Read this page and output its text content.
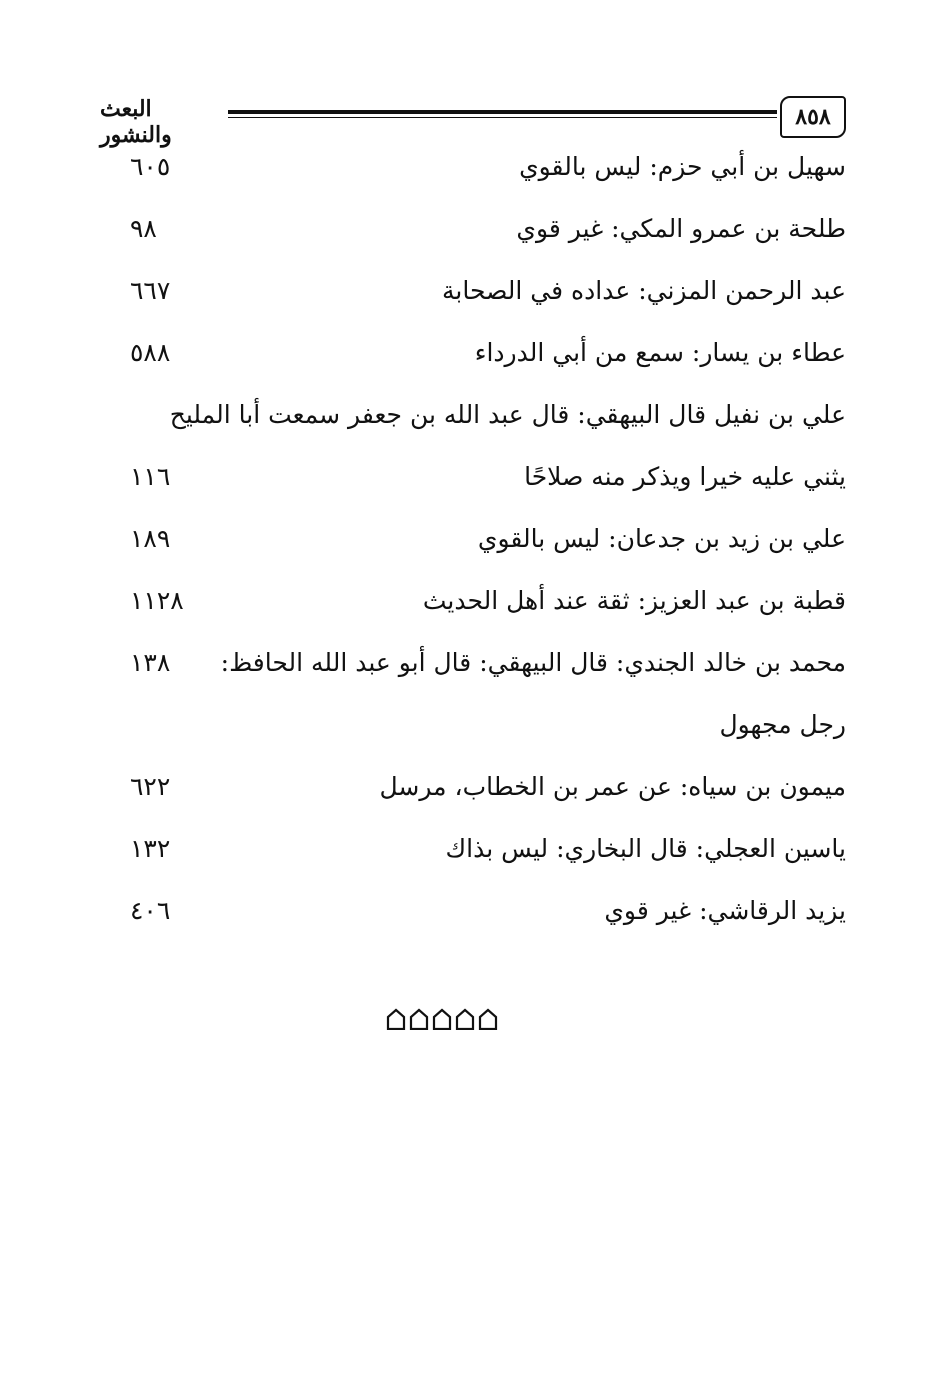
البعث والنشور
٨٥٨
سهيل بن أبي حزم: ليس بالقوي
٦٠٥
طلحة بن عمرو المكي: غير قوي
٩٨
عبد الرحمن المزني: عداده في الصحابة
٦٦٧
عطاء بن يسار: سمع من أبي الدرداء
٥٨٨
علي بن نفيل قال البيهقي: قال عبد الله بن جعفر سمعت أبا المليح
يثني عليه خيرا ويذكر منه صلاحًا
١١٦
علي بن زيد بن جدعان: ليس بالقوي
١٨٩
قطبة بن عبد العزيز: ثقة عند أهل الحديث
١١٢٨
محمد بن خالد الجندي: قال البيهقي: قال أبو عبد الله الحافظ:
١٣٨
رجل مجهول
ميمون بن سياه: عن عمر بن الخطاب، مرسل
٦٢٢
ياسين العجلي: قال البخاري: ليس بذاك
١٣٢
يزيد الرقاشي: غير قوي
٤٠٦
